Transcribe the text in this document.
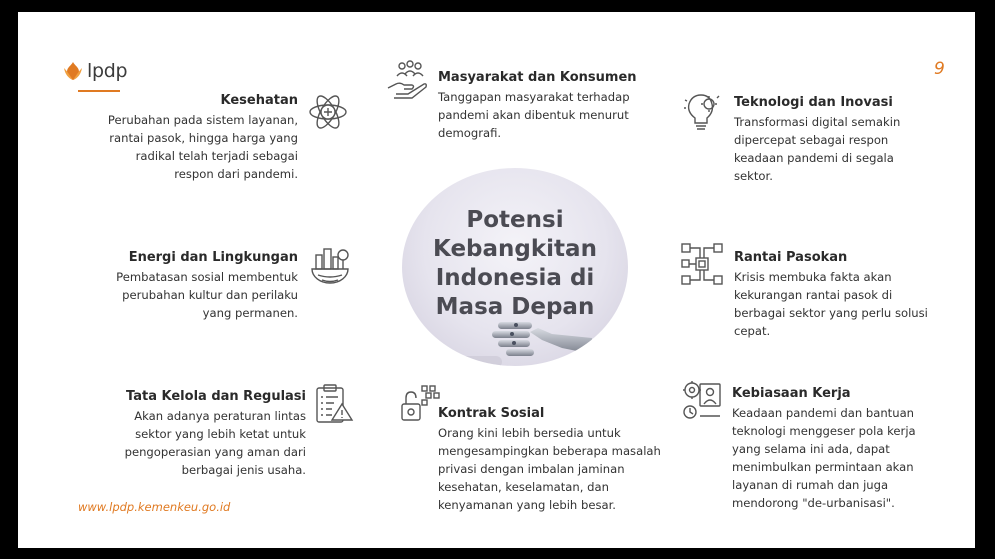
lpdp	9
www.lpdp.kemenkeu.go.id
Potensi
Kebangkitan
Indonesia di
Masa Depan
Kesehatan
Perubahan pada sistem layanan,
rantai pasok, hingga harga yang
radikal telah terjadi sebagai
respon dari pandemi.
Energi dan Lingkungan
Pembatasan sosial membentuk
perubahan kultur dan perilaku
yang permanen.
Tata Kelola dan Regulasi
Akan adanya peraturan lintas
sektor yang lebih ketat untuk
pengoperasian yang aman dari
berbagai jenis usaha.
Masyarakat dan Konsumen
Tanggapan masyarakat terhadap
pandemi akan dibentuk menurut
demografi.
Kontrak Sosial
Orang kini lebih bersedia untuk
mengesampingkan beberapa masalah
privasi dengan imbalan jaminan
kesehatan, keselamatan, dan
kenyamanan yang lebih besar.
Teknologi dan Inovasi
Transformasi digital semakin
dipercepat sebagai respon
keadaan pandemi di segala
sektor.
Rantai Pasokan
Krisis membuka fakta akan
kekurangan rantai pasok di
berbagai sektor yang perlu solusi
cepat.
Kebiasaan Kerja
Keadaan pandemi dan bantuan
teknologi menggeser pola kerja
yang selama ini ada, dapat
menimbulkan permintaan akan
layanan di rumah dan juga
mendorong "de-urbanisasi".
